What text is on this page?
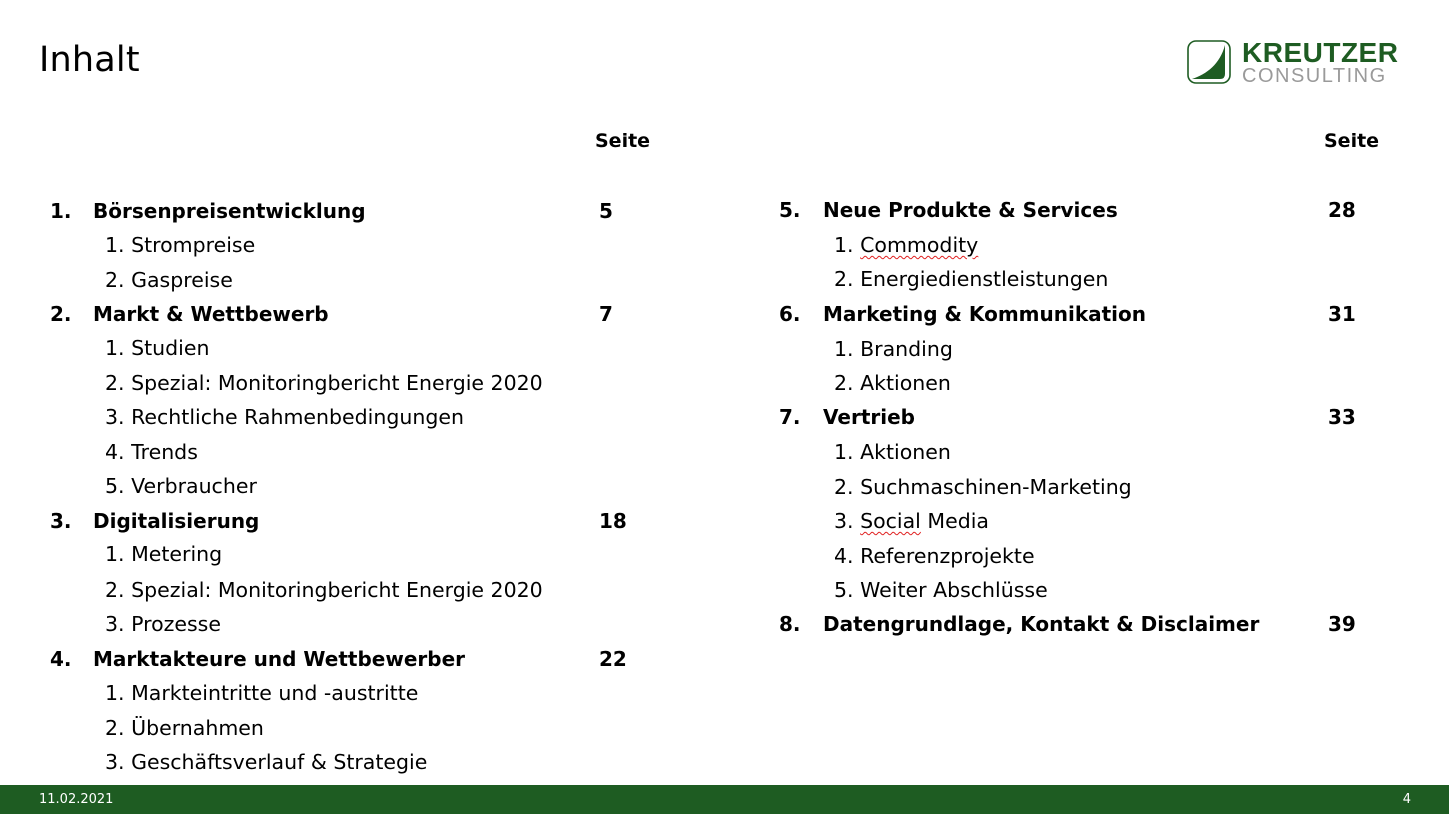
Inhalt	KREUTZER
CONSULTING
Seite	Seite
1. Börsenpreisentwicklung	5
1. Strompreise
2. Gaspreise
2. Markt & Wettbewerb	7
1. Studien
2. Spezial: Monitoringbericht Energie 2020
3. Rechtliche Rahmenbedingungen
4. Trends
5. Verbraucher
3. Digitalisierung	18
1. Metering
2. Spezial: Monitoringbericht Energie 2020
3. Prozesse
4. Marktakteure und Wettbewerber	22
1. Markteintritte und -austritte
2. Übernahmen
3. Geschäftsverlauf & Strategie
5. Neue Produkte & Services	28
1. Commodity
2. Energiedienstleistungen
6. Marketing & Kommunikation	31
1. Branding
2. Aktionen
7. Vertrieb	33
1. Aktionen
2. Suchmaschinen-Marketing
3. Social Media
4. Referenzprojekte
5. Weiter Abschlüsse
8. Datengrundlage, Kontakt & Disclaimer	39
11.02.2021	4
